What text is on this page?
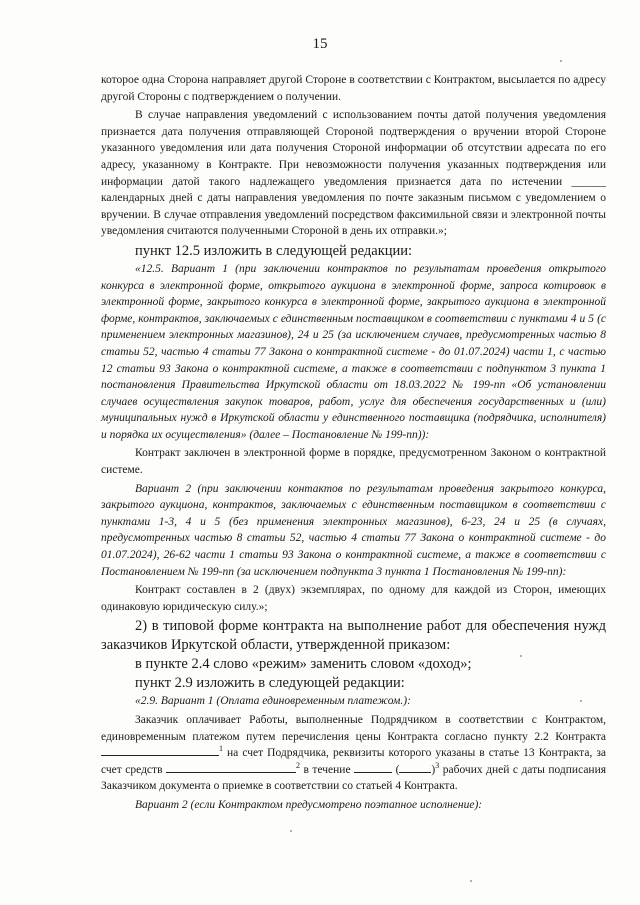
15

которое одна Сторона направляет другой Стороне в соответствии с Контрактом, высылается по адресу другой Стороны с подтверждением о получении.

В случае направления уведомлений с использованием почты датой получения уведомления признается дата получения отправляющей Стороной подтверждения о вручении второй Стороне указанного уведомления или дата получения Стороной информации об отсутствии адресата по его адресу, указанному в Контракте. При невозможности получения указанных подтверждения или информации датой такого надлежащего уведомления признается дата по истечении ______ календарных дней с даты направления уведомления по почте заказным письмом с уведомлением о вручении. В случае отправления уведомлений посредством факсимильной связи и электронной почты уведомления считаются полученными Стороной в день их отправки.»;

пункт 12.5 изложить в следующей редакции:

«12.5. Вариант 1 (при заключении контрактов по результатам проведения открытого конкурса в электронной форме, открытого аукциона в электронной форме, запроса котировок в электронной форме, закрытого конкурса в электронной форме, закрытого аукциона в электронной форме, контрактов, заключаемых с единственным поставщиком в соответствии с пунктами 4 и 5 (с применением электронных магазинов), 24 и 25 (за исключением случаев, предусмотренных частью 8 статьи 52, частью 4 статьи 77 Закона о контрактной системе - до 01.07.2024) части 1, с частью 12 статьи 93 Закона о контрактной системе, а также в соответствии с подпунктом 3 пункта 1 постановления Правительства Иркутской области от 18.03.2022 № 199-пп «Об установлении случаев осуществления закупок товаров, работ, услуг для обеспечения государственных и (или) муниципальных нужд в Иркутской области у единственного поставщика (подрядчика, исполнителя) и порядка их осуществления» (далее – Постановление № 199-пп)):

Контракт заключен в электронной форме в порядке, предусмотренном Законом о контрактной системе.

Вариант 2 (при заключении контактов по результатам проведения закрытого конкурса, закрытого аукциона, контрактов, заключаемых с единственным поставщиком в соответствии с пунктами 1-3, 4 и 5 (без применения электронных магазинов), 6-23, 24 и 25 (в случаях, предусмотренных частью 8 статьи 52, частью 4 статьи 77 Закона о контрактной системе - до 01.07.2024), 26-62 части 1 статьи 93 Закона о контрактной системе, а также в соответствии с Постановлением № 199-пп (за исключением подпункта 3 пункта 1 Постановления № 199-пп):

Контракт составлен в 2 (двух) экземплярах, по одному для каждой из Сторон, имеющих одинаковую юридическую силу.»;

2) в типовой форме контракта на выполнение работ для обеспечения нужд заказчиков Иркутской области, утвержденной приказом:

в пункте 2.4 слово «режим» заменить словом «доход»;

пункт 2.9 изложить в следующей редакции:

«2.9. Вариант 1 (Оплата единовременным платежом.):

Заказчик оплачивает Работы, выполненные Подрядчиком в соответствии с Контрактом, единовременным платежом путем перечисления цены Контракта согласно пункту 2.2 Контракта $^1$ на счет Подрядчика, реквизиты которого указаны в статье 13 Контракта, за счет средств	$^2$ в течение	(	)$^3$ рабочих дней с даты подписания Заказчиком документа о приемке в соответствии со статьей 4 Контракта.

Вариант 2 (если Контрактом предусмотрено поэтапное исполнение):
